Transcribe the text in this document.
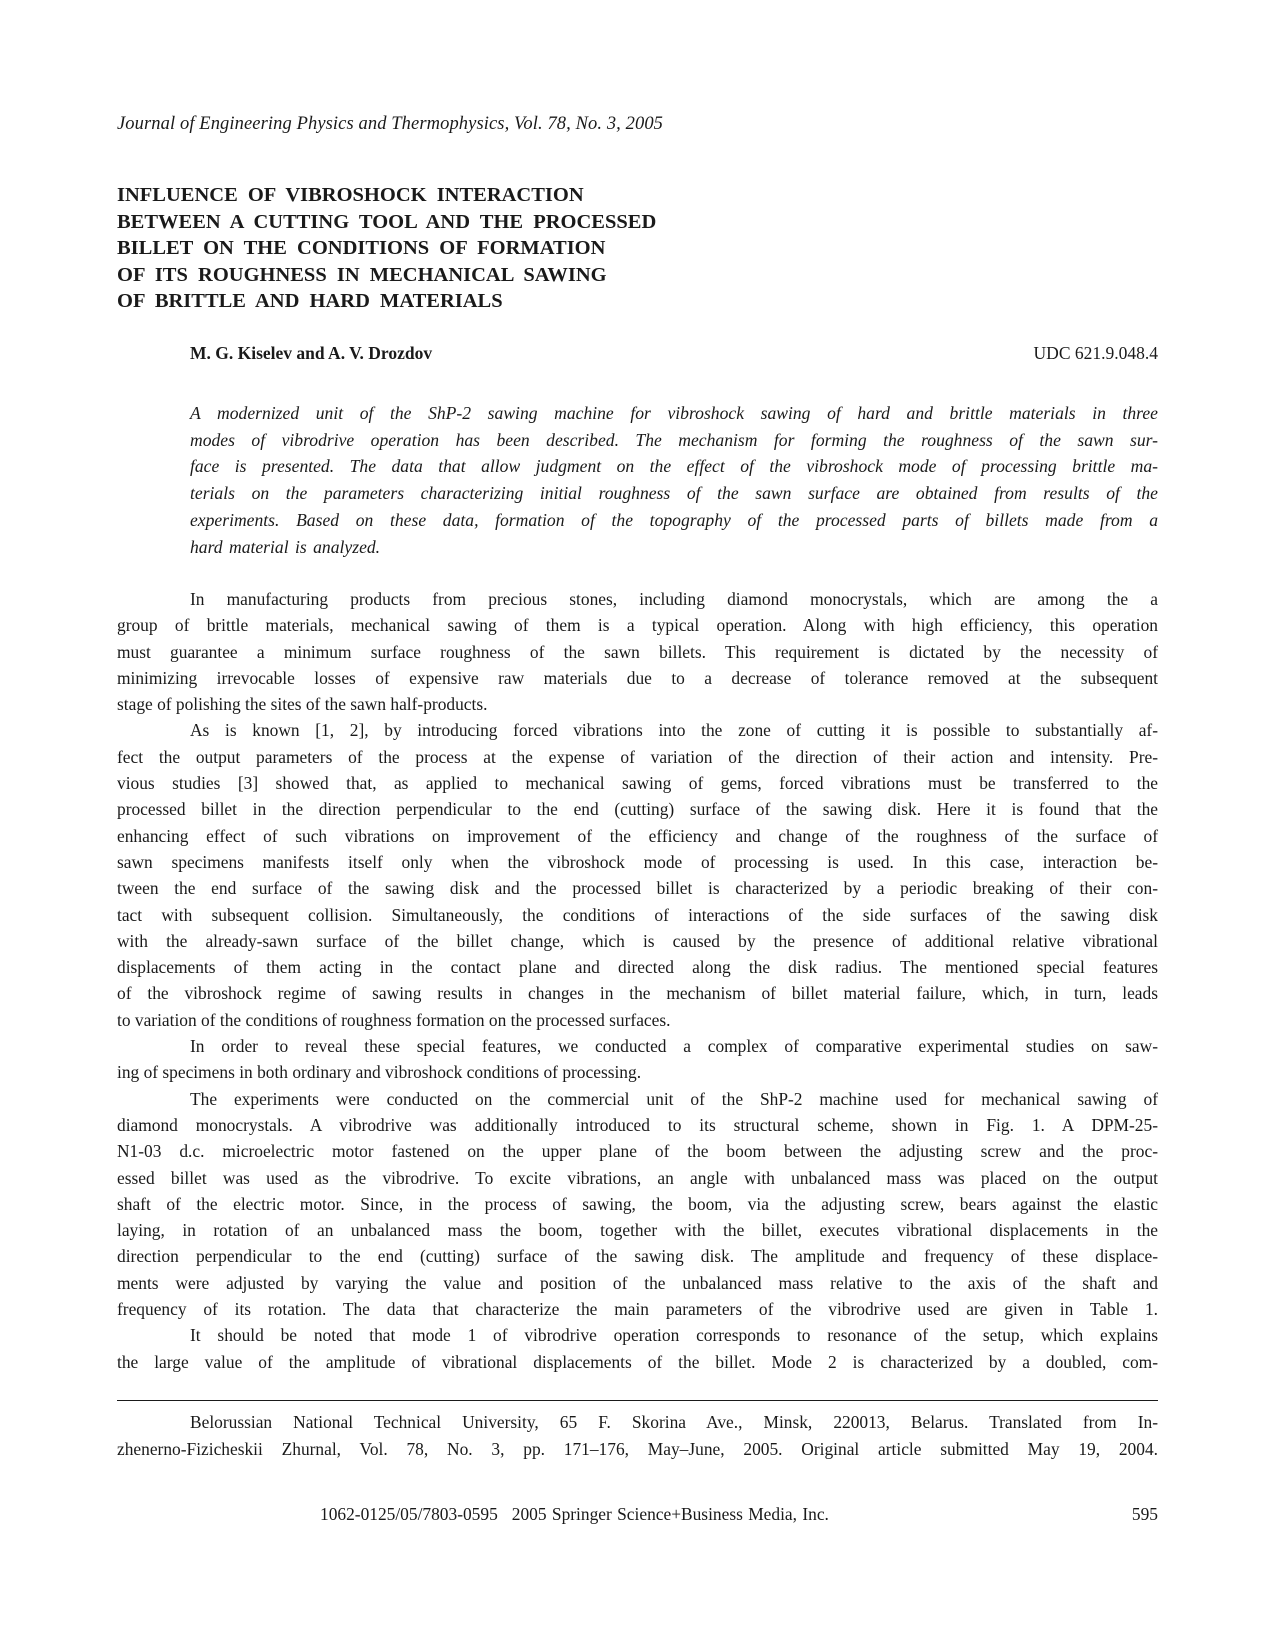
Journal of Engineering Physics and Thermophysics, Vol. 78, No. 3, 2005
INFLUENCE OF VIBROSHOCK INTERACTION
BETWEEN A CUTTING TOOL AND THE PROCESSED
BILLET ON THE CONDITIONS OF FORMATION
OF ITS ROUGHNESS IN MECHANICAL SAWING
OF BRITTLE AND HARD MATERIALS
M. G. Kiselev and A. V. Drozdov	UDC 621.9.048.4
A modernized unit of the ShP-2 sawing machine for vibroshock sawing of hard and brittle materials in three
modes of vibrodrive operation has been described. The mechanism for forming the roughness of the sawn sur-
face is presented. The data that allow judgment on the effect of the vibroshock mode of processing brittle ma-
terials on the parameters characterizing initial roughness of the sawn surface are obtained from results of the
experiments. Based on these data, formation of the topography of the processed parts of billets made from a
hard material is analyzed.
In manufacturing products from precious stones, including diamond monocrystals, which are among the a
group of brittle materials, mechanical sawing of them is a typical operation. Along with high efficiency, this operation
must guarantee a minimum surface roughness of the sawn billets. This requirement is dictated by the necessity of
minimizing irrevocable losses of expensive raw materials due to a decrease of tolerance removed at the subsequent
stage of polishing the sites of the sawn half-products.
As is known [1, 2], by introducing forced vibrations into the zone of cutting it is possible to substantially af-
fect the output parameters of the process at the expense of variation of the direction of their action and intensity. Pre-
vious studies [3] showed that, as applied to mechanical sawing of gems, forced vibrations must be transferred to the
processed billet in the direction perpendicular to the end (cutting) surface of the sawing disk. Here it is found that the
enhancing effect of such vibrations on improvement of the efficiency and change of the roughness of the surface of
sawn specimens manifests itself only when the vibroshock mode of processing is used. In this case, interaction be-
tween the end surface of the sawing disk and the processed billet is characterized by a periodic breaking of their con-
tact with subsequent collision. Simultaneously, the conditions of interactions of the side surfaces of the sawing disk
with the already-sawn surface of the billet change, which is caused by the presence of additional relative vibrational
displacements of them acting in the contact plane and directed along the disk radius. The mentioned special features
of the vibroshock regime of sawing results in changes in the mechanism of billet material failure, which, in turn, leads
to variation of the conditions of roughness formation on the processed surfaces.
In order to reveal these special features, we conducted a complex of comparative experimental studies on saw-
ing of specimens in both ordinary and vibroshock conditions of processing.
The experiments were conducted on the commercial unit of the ShP-2 machine used for mechanical sawing of
diamond monocrystals. A vibrodrive was additionally introduced to its structural scheme, shown in Fig. 1. A DPM-25-
N1-03 d.c. microelectric motor fastened on the upper plane of the boom between the adjusting screw and the proc-
essed billet was used as the vibrodrive. To excite vibrations, an angle with unbalanced mass was placed on the output
shaft of the electric motor. Since, in the process of sawing, the boom, via the adjusting screw, bears against the elastic
laying, in rotation of an unbalanced mass the boom, together with the billet, executes vibrational displacements in the
direction perpendicular to the end (cutting) surface of the sawing disk. The amplitude and frequency of these displace-
ments were adjusted by varying the value and position of the unbalanced mass relative to the axis of the shaft and
frequency of its rotation. The data that characterize the main parameters of the vibrodrive used are given in Table 1.
It should be noted that mode 1 of vibrodrive operation corresponds to resonance of the setup, which explains
the large value of the amplitude of vibrational displacements of the billet. Mode 2 is characterized by a doubled, com-
Belorussian National Technical University, 65 F. Skorina Ave., Minsk, 220013, Belarus. Translated from In-
zhenerno-Fizicheskii Zhurnal, Vol. 78, No. 3, pp. 171–176, May–June, 2005. Original article submitted May 19, 2004.
1062-0125/05/7803-0595 2005 Springer Science+Business Media, Inc.	595
